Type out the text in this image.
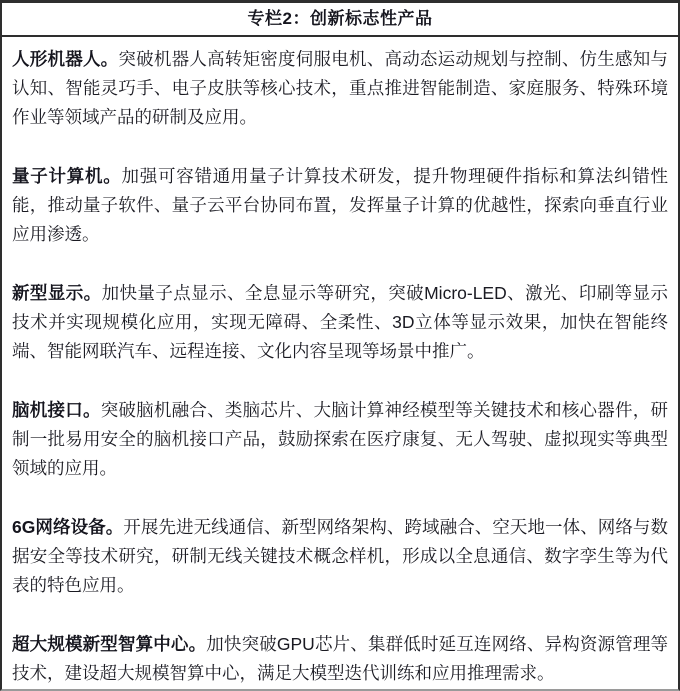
专栏2：创新标志性产品

人形机器人。突破机器人高转矩密度伺服电机、高动态运动规划与控制、仿生感知与认知、智能灵巧手、电子皮肤等核心技术，重点推进智能制造、家庭服务、特殊环境作业等领域产品的研制及应用。

量子计算机。加强可容错通用量子计算技术研发，提升物理硬件指标和算法纠错性能，推动量子软件、量子云平台协同布置，发挥量子计算的优越性，探索向垂直行业应用渗透。

新型显示。加快量子点显示、全息显示等研究，突破Micro-LED、激光、印刷等显示技术并实现规模化应用，实现无障碍、全柔性、3D立体等显示效果，加快在智能终端、智能网联汽车、远程连接、文化内容呈现等场景中推广。

脑机接口。突破脑机融合、类脑芯片、大脑计算神经模型等关键技术和核心器件，研制一批易用安全的脑机接口产品，鼓励探索在医疗康复、无人驾驶、虚拟现实等典型领域的应用。

6G网络设备。开展先进无线通信、新型网络架构、跨域融合、空天地一体、网络与数据安全等技术研究，研制无线关键技术概念样机，形成以全息通信、数字孪生等为代表的特色应用。

超大规模新型智算中心。加快突破GPU芯片、集群低时延互连网络、异构资源管理等技术，建设超大规模智算中心，满足大模型迭代训练和应用推理需求。
